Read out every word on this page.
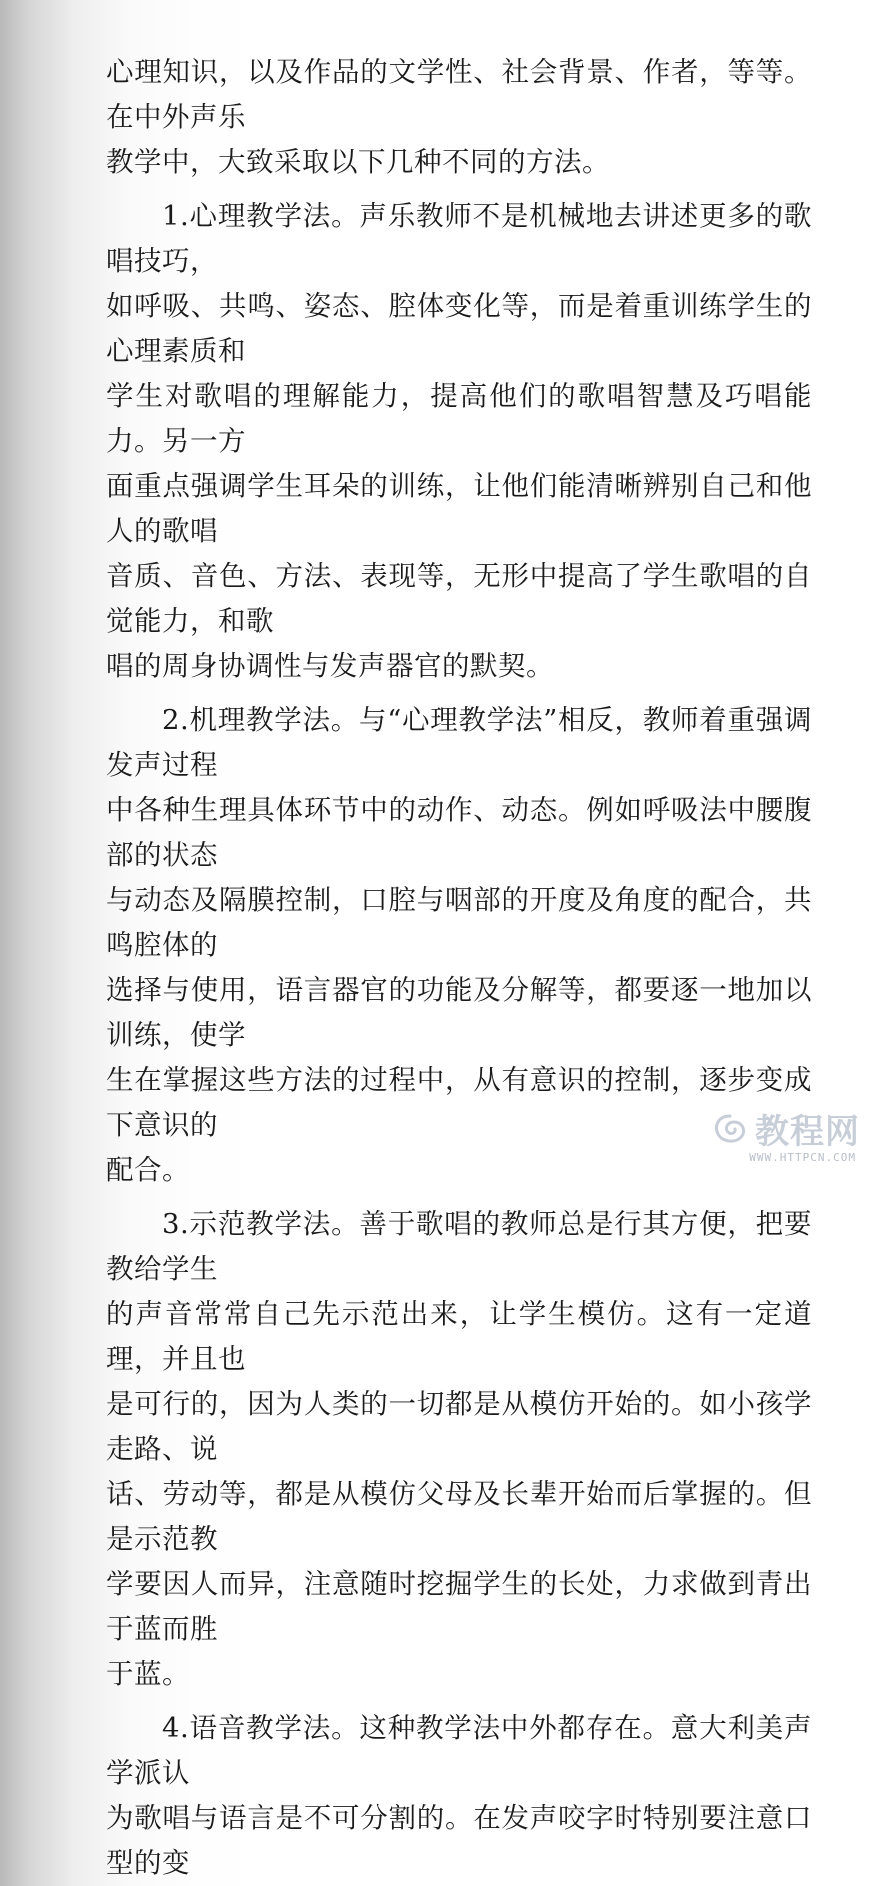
心理知识，以及作品的文学性、社会背景、作者，等等。在中外声乐
教学中，大致采取以下几种不同的方法。

1.心理教学法。声乐教师不是机械地去讲述更多的歌唱技巧，
如呼吸、共鸣、姿态、腔体变化等，而是着重训练学生的心理素质和
学生对歌唱的理解能力，提高他们的歌唱智慧及巧唱能力。另一方
面重点强调学生耳朵的训练，让他们能清晰辨别自己和他人的歌唱
音质、音色、方法、表现等，无形中提高了学生歌唱的自觉能力，和歌
唱的周身协调性与发声器官的默契。

2.机理教学法。与“心理教学法”相反，教师着重强调发声过程
中各种生理具体环节中的动作、动态。例如呼吸法中腰腹部的状态
与动态及隔膜控制，口腔与咽部的开度及角度的配合，共鸣腔体的
选择与使用，语言器官的功能及分解等，都要逐一地加以训练，使学
生在掌握这些方法的过程中，从有意识的控制，逐步变成下意识的
配合。

3.示范教学法。善于歌唱的教师总是行其方便，把要教给学生
的声音常常自己先示范出来，让学生模仿。这有一定道理，并且也
是可行的，因为人类的一切都是从模仿开始的。如小孩学走路、说
话、劳动等，都是从模仿父母及长辈开始而后掌握的。但是示范教
学要因人而异，注意随时挖掘学生的长处，力求做到青出于蓝而胜
于蓝。

4.语音教学法。这种教学法中外都存在。意大利美声学派认
为歌唱与语言是不可分割的。在发声咬字时特别要注意口型的变

教程网
WWW.HTTPCN.COM
